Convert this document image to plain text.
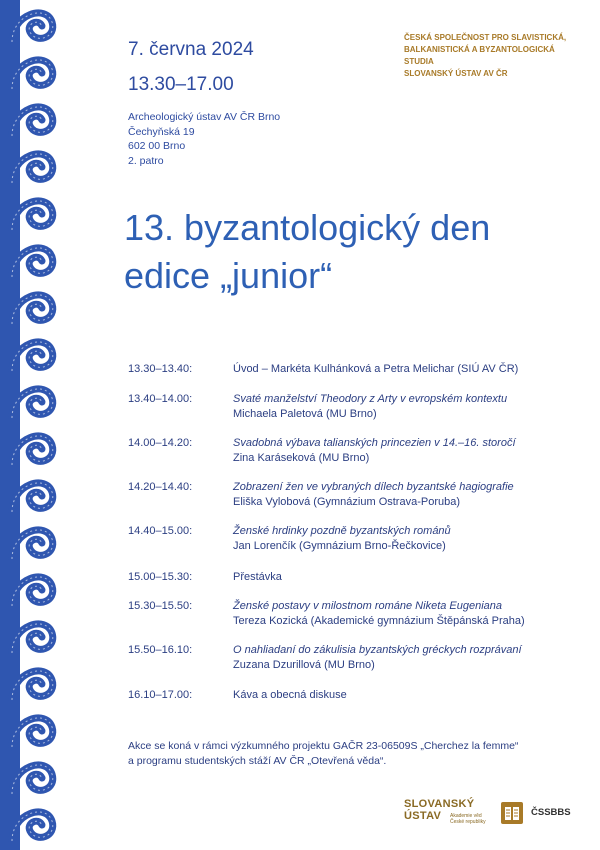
7. června 2024
13.30–17.00
ČESKÁ SPOLEČNOST PRO SLAVISTICKÁ,
BALKANISTICKÁ A BYZANTOLOGICKÁ
STUDIA
SLOVANSKÝ ÚSTAV AV ČR
Archeologický ústav AV ČR Brno
Čechyňská 19
602 00 Brno
2. patro
13. byzantologický den
edice „junior“
13.30–13.40:	Úvod – Markéta Kulhánková a Petra Melichar (SIÚ AV ČR)
13.40–14.00:	Svaté manželství Theodory z Arty v evropském kontextu
Michaela Paletová (MU Brno)
14.00–14.20:	Svadobná výbava talianských princezien v 14.–16. storočí
Zina Karáseková (MU Brno)
14.20–14.40:	Zobrazení žen ve vybraných dílech byzantské hagiografie
Eliška Vylobová (Gymnázium Ostrava-Poruba)
14.40–15.00:	Ženské hrdinky pozdně byzantských románů
Jan Lorenčík (Gymnázium Brno-Řečkovice)
15.00–15.30:	Přestávka
15.30–15.50:	Ženské postavy v milostnom románe Niketa Eugeniana
Tereza Kozická (Akademické gymnázium Štěpánská Praha)
15.50–16.10:	O nahliadaní do zákulisia byzantských gréckych rozprávaní
Zuzana Dzurillová (MU Brno)
16.10–17.00:	Káva a obecná diskuse
Akce se koná v rámci výzkumného projektu GAČR 23-06509S „Cherchez la femme“
a programu studentských stáží AV ČR „Otevřená věda“.
SLOVANSKÝ
ÚSTAV	Akademie věd České republiky
ČSSBBS
